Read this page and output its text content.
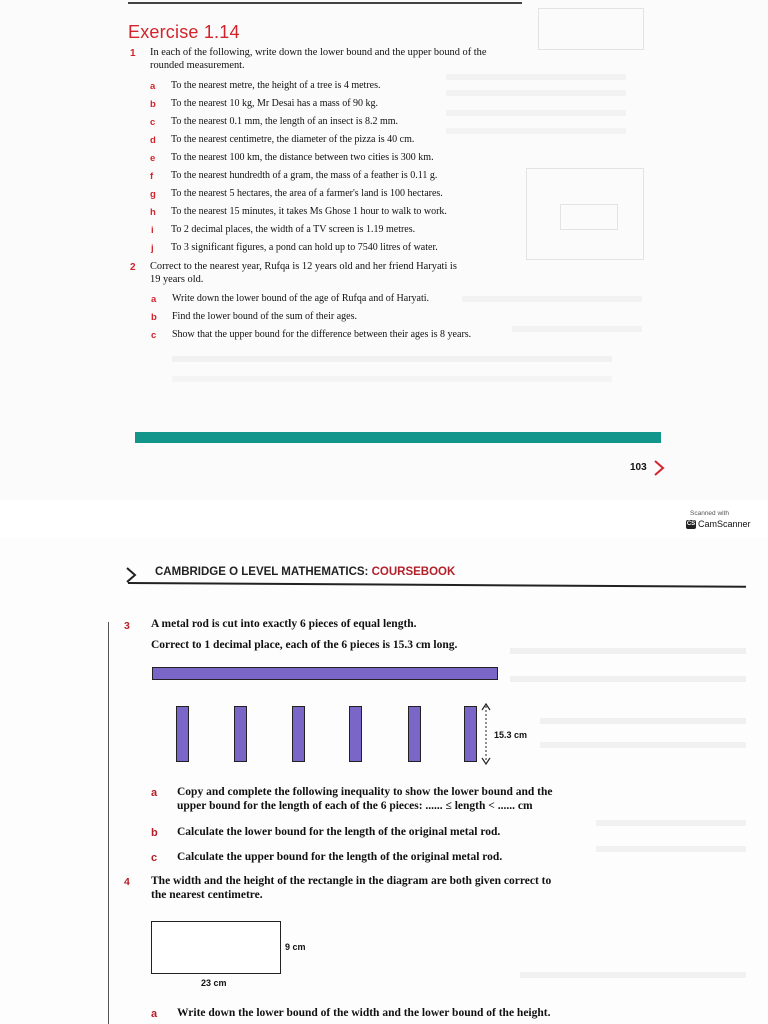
Exercise 1.14
1 In each of the following, write down the lower bound and the upper bound of the
rounded measurement.
a To the nearest metre, the height of a tree is 4 metres.
b To the nearest 10 kg, Mr Desai has a mass of 90 kg.
c To the nearest 0.1 mm, the length of an insect is 8.2 mm.
d To the nearest centimetre, the diameter of the pizza is 40 cm.
e To the nearest 100 km, the distance between two cities is 300 km.
f To the nearest hundredth of a gram, the mass of a feather is 0.11 g.
g To the nearest 5 hectares, the area of a farmer's land is 100 hectares.
h To the nearest 15 minutes, it takes Ms Ghose 1 hour to walk to work.
i To 2 decimal places, the width of a TV screen is 1.19 metres.
j To 3 significant figures, a pond can hold up to 7540 litres of water.
2 Correct to the nearest year, Rufqa is 12 years old and her friend Haryati is
19 years old.
a Write down the lower bound of the age of Rufqa and of Haryati.
b Find the lower bound of the sum of their ages.
c Show that the upper bound for the difference between their ages is 8 years.
103
Scanned with
CS CamScanner
CAMBRIDGE O LEVEL MATHEMATICS: COURSEBOOK
3 A metal rod is cut into exactly 6 pieces of equal length.
Correct to 1 decimal place, each of the 6 pieces is 15.3 cm long.
15.3 cm
a Copy and complete the following inequality to show the lower bound and the
upper bound for the length of each of the 6 pieces: ...... ≤ length < ...... cm
b Calculate the lower bound for the length of the original metal rod.
c Calculate the upper bound for the length of the original metal rod.
4 The width and the height of the rectangle in the diagram are both given correct to
the nearest centimetre.
9 cm
23 cm
a Write down the lower bound of the width and the lower bound of the height.
